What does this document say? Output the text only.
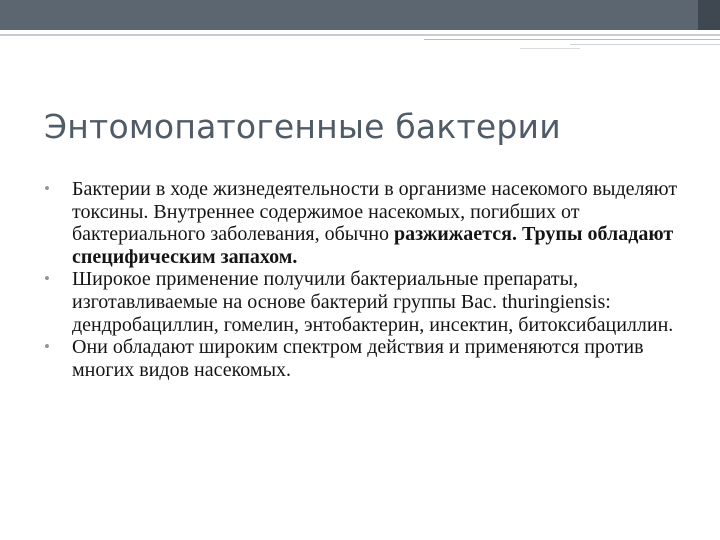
Энтомопатогенные бактерии
•	Бактерии в ходе жизнедеятельности в организме насекомого выделяют токсины. Внутреннее содержимое насекомых, погибших от бактериального заболевания, обычно разжижается. Трупы обладают специфическим запахом.

•	Широкое применение получили бактериальные препараты, изготавливаемые на основе бактерий группы Bac. thuringiensis: дендробациллин, гомелин, энтобактерин, инсектин, битоксибациллин.

•	Они обладают широким спектром действия и применяются против многих видов насекомых.
